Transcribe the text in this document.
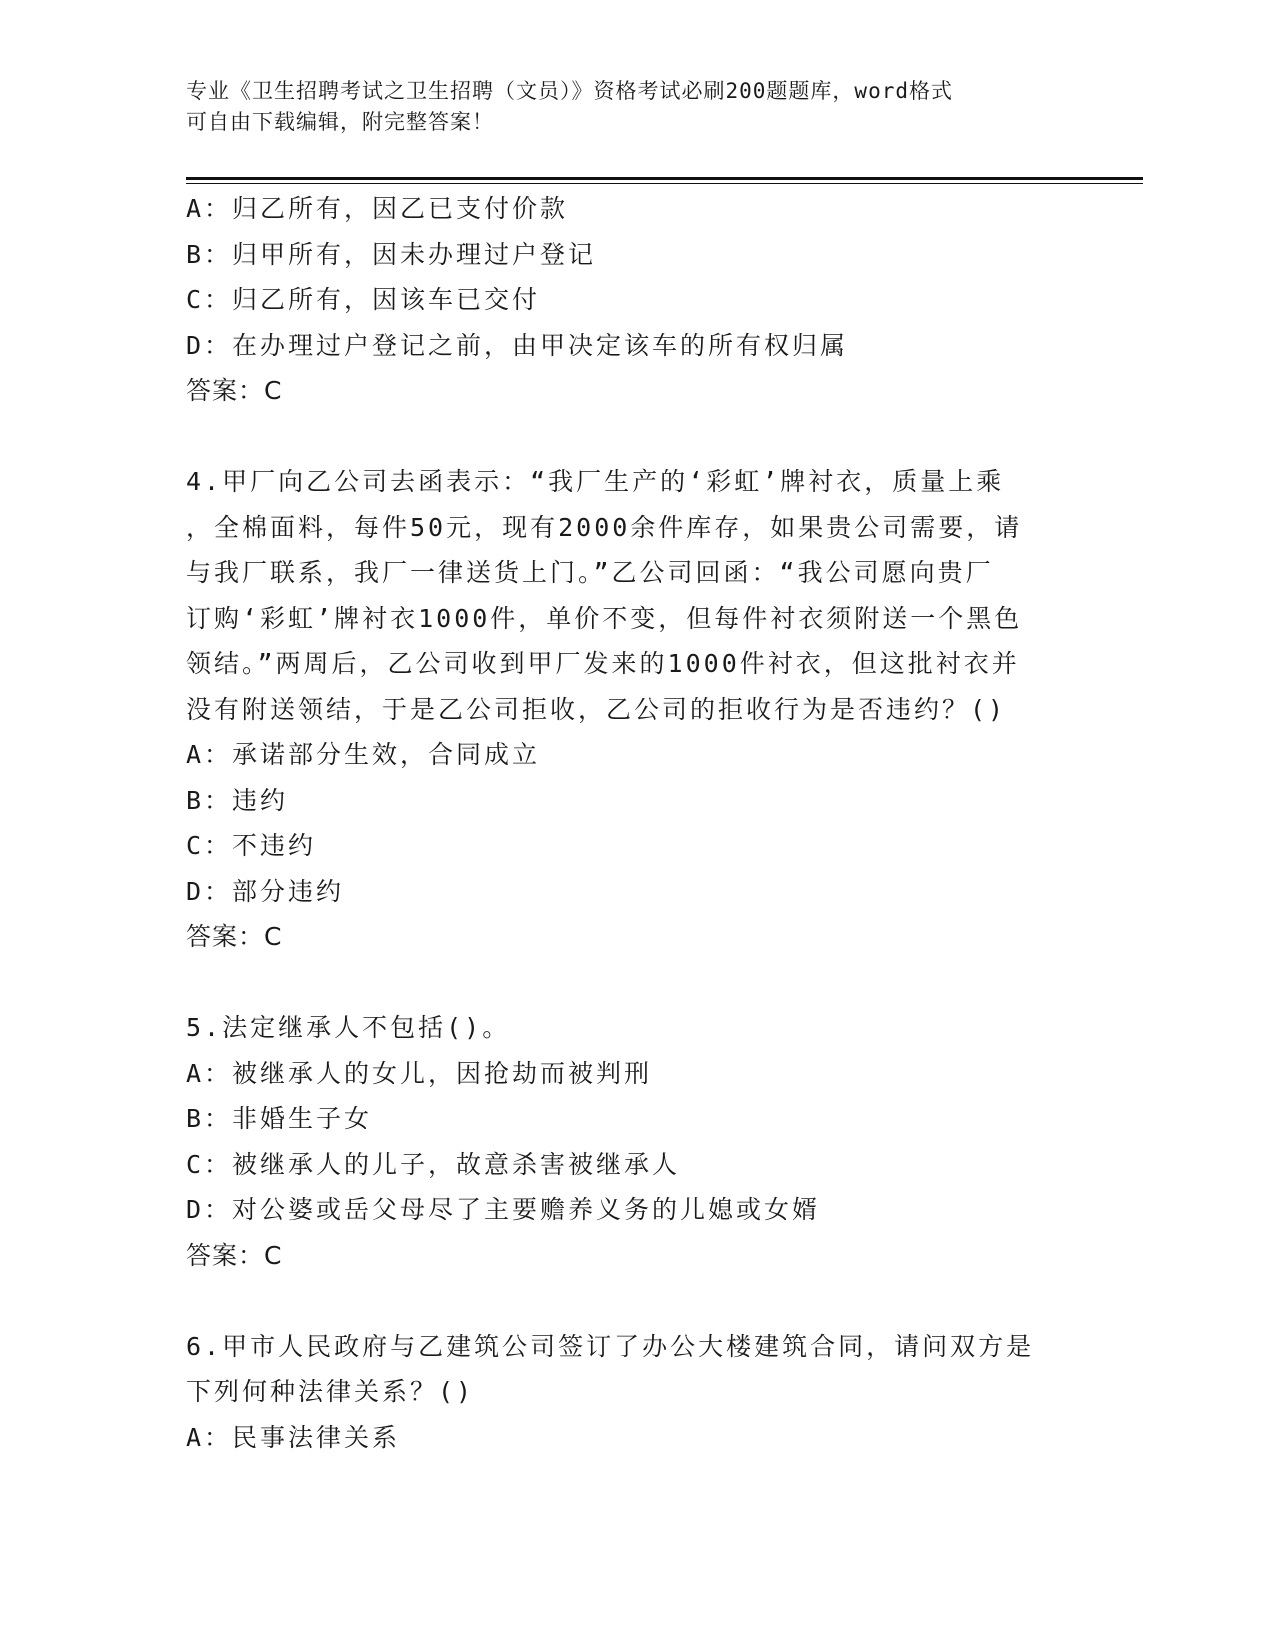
专业《卫生招聘考试之卫生招聘（文员）》资格考试必刷200题题库，word格式
可自由下载编辑，附完整答案！
A：归乙所有，因乙已支付价款
B：归甲所有，因未办理过户登记
C：归乙所有，因该车已交付
D：在办理过户登记之前，由甲决定该车的所有权归属
答案：C
4.甲厂向乙公司去函表示：“我厂生产的‘彩虹’牌衬衣，质量上乘
，全棉面料，每件50元，现有2000余件库存，如果贵公司需要，请
与我厂联系，我厂一律送货上门。”乙公司回函：“我公司愿向贵厂
订购‘彩虹’牌衬衣1000件，单价不变，但每件衬衣须附送一个黑色
领结。”两周后，乙公司收到甲厂发来的1000件衬衣，但这批衬衣并
没有附送领结，于是乙公司拒收，乙公司的拒收行为是否违约？()
A：承诺部分生效，合同成立
B：违约
C：不违约
D：部分违约
答案：C
5.法定继承人不包括()。
A：被继承人的女儿，因抢劫而被判刑
B：非婚生子女
C：被继承人的儿子，故意杀害被继承人
D：对公婆或岳父母尽了主要赡养义务的儿媳或女婿
答案：C
6.甲市人民政府与乙建筑公司签订了办公大楼建筑合同，请问双方是
下列何种法律关系？()
A：民事法律关系
